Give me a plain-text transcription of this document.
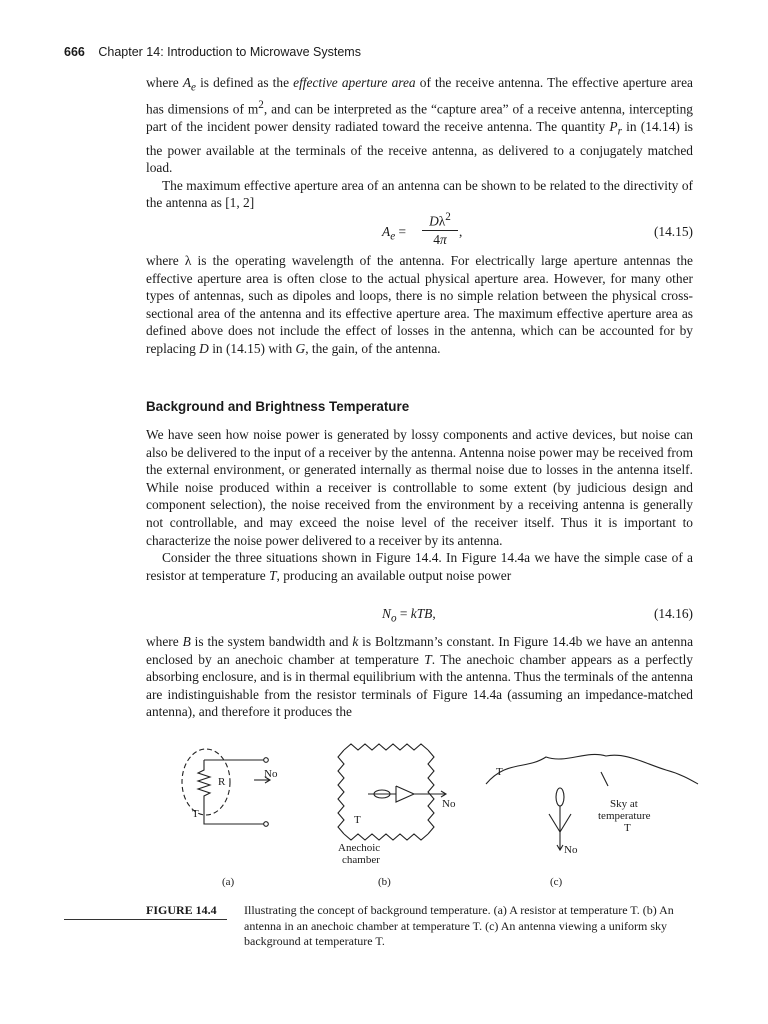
666 Chapter 14: Introduction to Microwave Systems

where $A_e$ is defined as the effective aperture area of the receive antenna. The effective aperture area has dimensions of $m^2$, and can be interpreted as the “capture area” of a receive antenna, intercepting part of the incident power density radiated toward the receive antenna. The quantity $P_r$ in (14.14) is the power available at the terminals of the receive antenna, as delivered to a conjugately matched load.

The maximum effective aperture area of an antenna can be shown to be related to the directivity of the antenna as [1, 2]

$A_e$ =
$D\lambda^2$
4π
,	(14.15)

where λ is the operating wavelength of the antenna. For electrically large aperture antennas the effective aperture area is often close to the actual physical aperture area. However, for many other types of antennas, such as dipoles and loops, there is no simple relation between the physical cross-sectional area of the antenna and its effective aperture area. The maximum effective aperture area as defined above does not include the effect of losses in the antenna, which can be accounted for by replacing D in (14.15) with G, the gain, of the antenna.

Background and Brightness Temperature

We have seen how noise power is generated by lossy components and active devices, but noise can also be delivered to the input of a receiver by the antenna. Antenna noise power may be received from the external environment, or generated internally as thermal noise due to losses in the antenna itself. While noise produced within a receiver is controllable to some extent (by judicious design and component selection), the noise received from the environment by a receiving antenna is generally not controllable, and may exceed the noise level of the receiver itself. Thus it is important to characterize the noise power delivered to a receiver by its antenna.

Consider the three situations shown in Figure 14.4. In Figure 14.4a we have the simple case of a resistor at temperature T, producing an available output noise power

$N_o$ = kTB,	(14.16)

where B is the system bandwidth and k is Boltzmann’s constant. In Figure 14.4b we have an antenna enclosed by an anechoic chamber at temperature T. The anechoic chamber appears as a perfectly absorbing enclosure, and is in thermal equilibrium with the antenna. Thus the terminals of the antenna are indistinguishable from the resistor terminals of Figure 14.4a (assuming an impedance-matched antenna), and therefore it produces the

R
T
No
No
T
Anechoic
chamber
T
No
Sky at
temperature
T
(a)	(b)	(c)
FIGURE 14.4 Illustrating the concept of background temperature. (a) A resistor at temperature T. (b) An antenna in an anechoic chamber at temperature T. (c) An antenna viewing a uniform sky background at temperature T.
